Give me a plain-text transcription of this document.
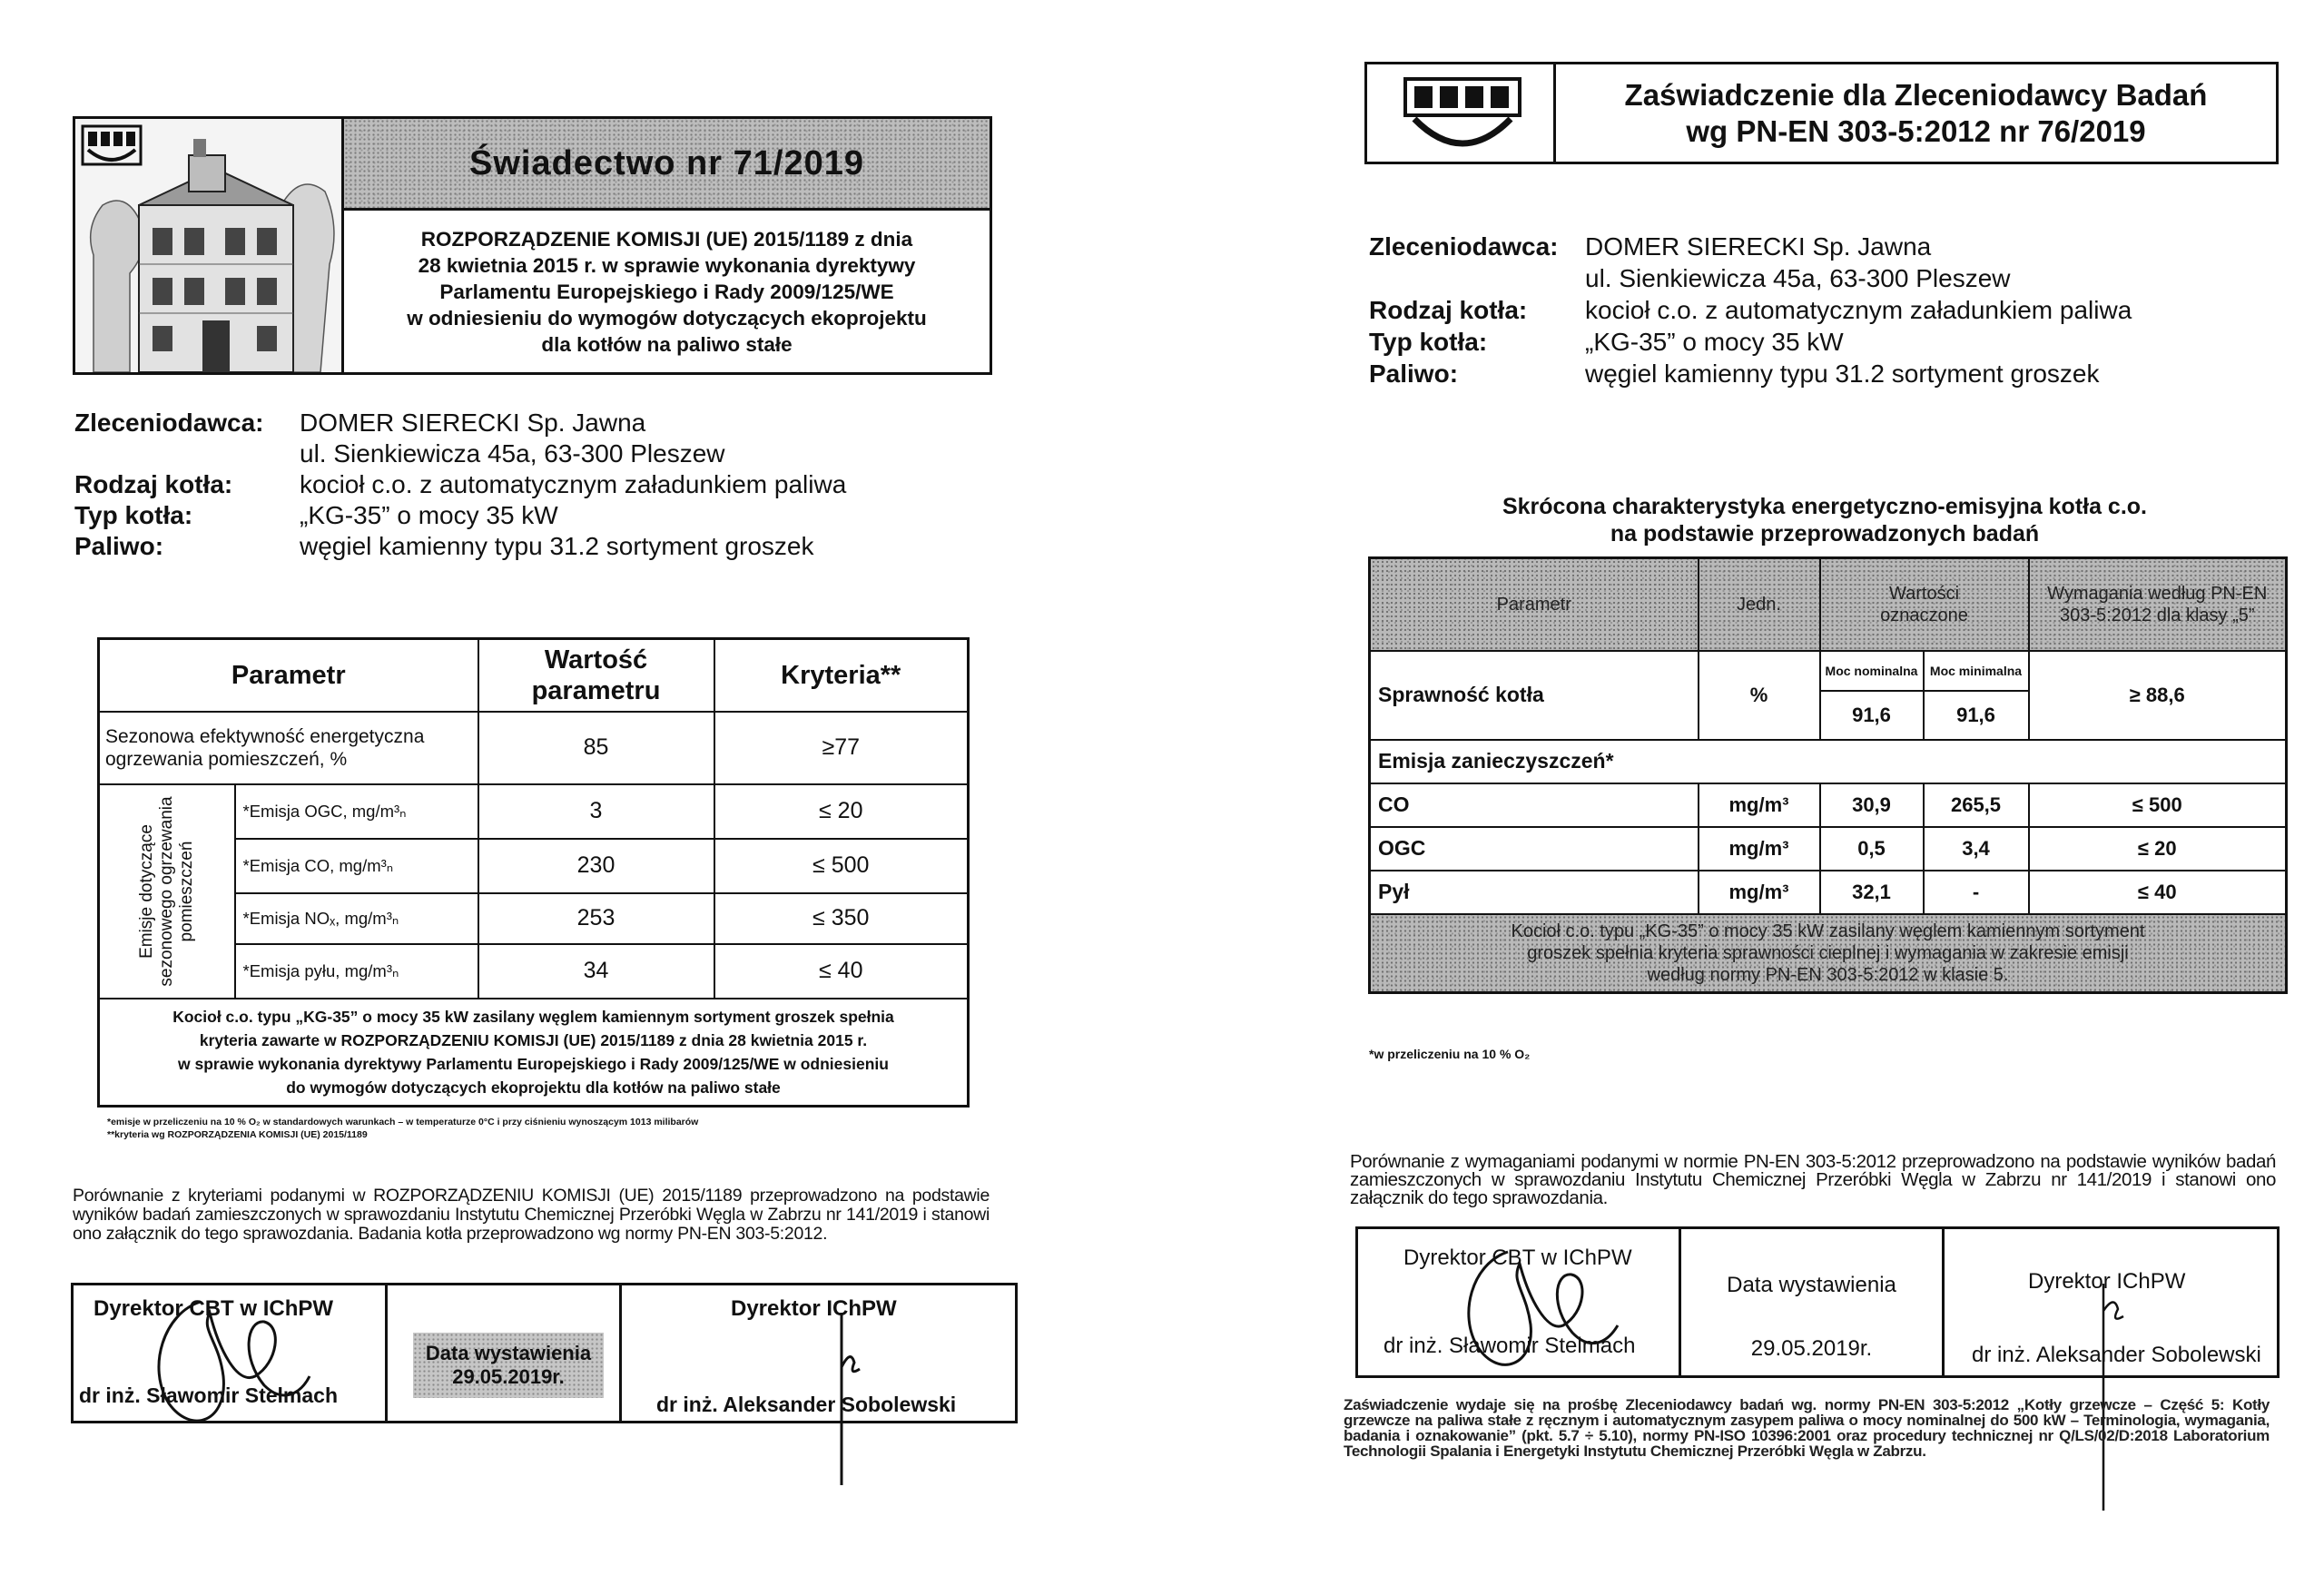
Świadectwo nr 71/2019
ROZPORZĄDZENIE KOMISJI (UE) 2015/1189 z dnia
28 kwietnia 2015 r. w sprawie wykonania dyrektywy
Parlamentu Europejskiego i Rady 2009/125/WE
w odniesieniu do wymogów dotyczących ekoprojektu
dla kotłów na paliwo stałe
Zleceniodawca:	DOMER SIERECKI Sp. Jawna
ul. Sienkiewicza 45a, 63-300 Pleszew
Rodzaj kotła:	kocioł c.o. z automatycznym załadunkiem paliwa
Typ kotła:	„KG-35” o mocy 35 kW
Paliwo:	węgiel kamienny typu 31.2 sortyment groszek
Parametr		Wartość parametru	Kryteria**
Sezonowa efektywność energetyczna ogrzewania pomieszczeń, %		85	≥77

Emisje dotyczące sezonowego ogrzewania pomieszczeń	*Emisja OGC, mg/m³ₙ	3	≤ 20
	*Emisja CO, mg/m³ₙ	230	≤ 500
	*Emisja NOₓ, mg/m³ₙ	253	≤ 350
	*Emisja pyłu, mg/m³ₙ	34	≤ 40

Kocioł c.o. typu „KG-35” o mocy 35 kW zasilany węglem kamiennym sortyment groszek spełnia
kryteria zawarte w ROZPORZĄDZENIU KOMISJI (UE) 2015/1189 z dnia 28 kwietnia 2015 r.
w sprawie wykonania dyrektywy Parlamentu Europejskiego i Rady 2009/125/WE w odniesieniu
do wymogów dotyczących ekoprojektu dla kotłów na paliwo stałe			
*emisje w przeliczeniu na 10 % O₂ w standardowych warunkach – w temperaturze 0°C i przy ciśnieniu wynoszącym 1013 milibarów
**kryteria wg ROZPORZĄDZENIA KOMISJI (UE) 2015/1189
Porównanie z kryteriami podanymi w ROZPORZĄDZENIU KOMISJI (UE) 2015/1189 przeprowadzono na podstawie wyników badań zamieszczonych w sprawozdaniu Instytutu Chemicznej Przeróbki Węgla w Zabrzu nr 141/2019 i stanowi ono załącznik do tego sprawozdania. Badania kotła przeprowadzono wg normy PN-EN 303-5:2012.
Dyrektor CBT w IChPW
dr inż. Sławomir Stelmach
Data wystawienia
29.05.2019r.
Dyrektor IChPW
dr inż. Aleksander Sobolewski
Zaświadczenie dla Zleceniodawcy Badań
wg PN-EN 303-5:2012 nr 76/2019
Zleceniodawca:	DOMER SIERECKI Sp. Jawna
ul. Sienkiewicza 45a, 63-300 Pleszew
Rodzaj kotła:	kocioł c.o. z automatycznym załadunkiem paliwa
Typ kotła:	„KG-35” o mocy 35 kW
Paliwo:	węgiel kamienny typu 31.2 sortyment groszek
Skrócona charakterystyka energetyczno-emisyjna kotła c.o.
na podstawie przeprowadzonych badań
Parametr	Jedn.	Wartości oznaczone		Wymagania według PN-EN 303-5:2012 dla klasy „5”

Sprawność kotła	%	Moc nominalna	Moc minimalna	≥ 88,6
		91,6	91,6	
Emisja zanieczyszczeń*				
CO	mg/m³	30,9	265,5	≤ 500
OGC	mg/m³	0,5	3,4	≤ 20
Pył	mg/m³	32,1	-	≤ 40

Kocioł c.o. typu „KG-35” o mocy 35 kW zasilany węglem kamiennym sortyment
groszek spełnia kryteria sprawności cieplnej i wymagania w zakresie emisji
według normy PN-EN 303-5:2012 w klasie 5.				
*w przeliczeniu na 10 % O₂
Porównanie z wymaganiami podanymi w normie PN-EN 303-5:2012 przeprowadzono na podstawie wyników badań zamieszczonych w sprawozdaniu Instytutu Chemicznej Przeróbki Węgla w Zabrzu nr 141/2019 i stanowi ono załącznik do tego sprawozdania.
Dyrektor CBT w IChPW
dr inż. Sławomir Stelmach
Data wystawienia
29.05.2019r.
Dyrektor IChPW
dr inż. Aleksander Sobolewski
Zaświadczenie wydaje się na prośbę Zleceniodawcy badań wg. normy PN-EN 303-5:2012 „Kotły grzewcze – Część 5: Kotły grzewcze na paliwa stałe z ręcznym i automatycznym zasypem paliwa o mocy nominalnej do 500 kW – Terminologia, wymagania, badania i oznakowanie” (pkt. 5.7 ÷ 5.10), normy PN-ISO 10396:2001 oraz procedury technicznej nr Q/LS/02/D:2018 Laboratorium Technologii Spalania i Energetyki Instytutu Chemicznej Przeróbki Węgla w Zabrzu.
